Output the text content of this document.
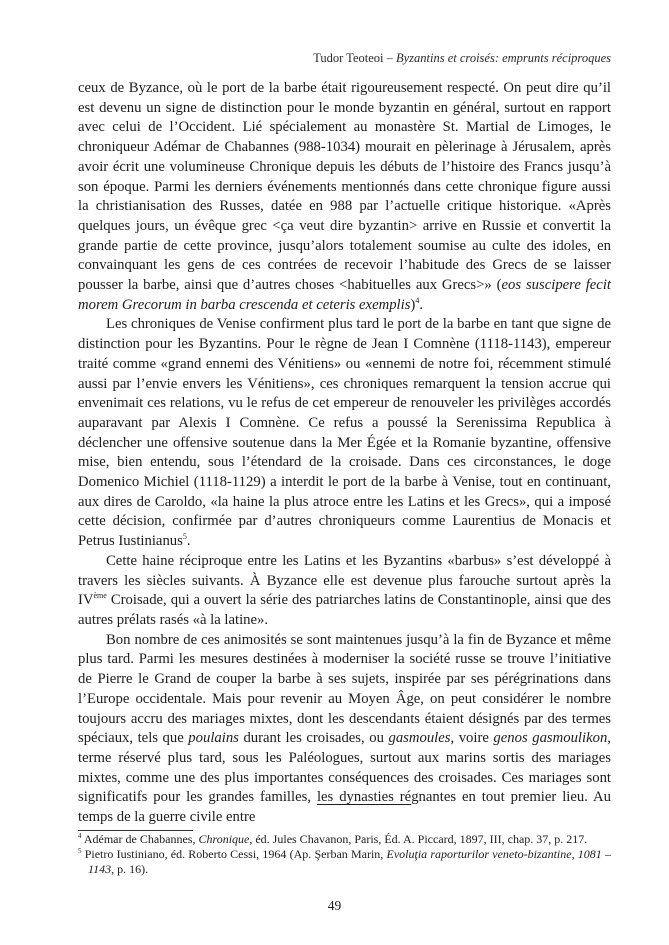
Tudor Teoteoi – Byzantins et croisés: emprunts réciproques

ceux de Byzance, où le port de la barbe était rigoureusement respecté. On peut dire qu’il est devenu un signe de distinction pour le monde byzantin en général, surtout en rapport avec celui de l’Occident. Lié spécialement au monastère St. Martial de Limoges, le chroniqueur Adémar de Chabannes (988-1034) mourait en pèlerinage à Jérusalem, après avoir écrit une volumineuse Chronique depuis les débuts de l’histoire des Francs jusqu’à son époque. Parmi les derniers événements mentionnés dans cette chronique figure aussi la christianisation des Russes, datée en 988 par l’actuelle critique historique. «Après quelques jours, un évêque grec <ça veut dire byzantin> arrive en Russie et convertit la grande partie de cette province, jusqu’alors totalement soumise au culte des idoles, en convainquant les gens de ces contrées de recevoir l’habitude des Grecs de se laisser pousser la barbe, ainsi que d’autres choses <habituelles aux Grecs>» (eos suscipere fecit morem Grecorum in barba crescenda et ceteris exemplis)$^4$.

Les chroniques de Venise confirment plus tard le port de la barbe en tant que signe de distinction pour les Byzantins. Pour le règne de Jean I Comnène (1118-1143), empereur traité comme «grand ennemi des Vénitiens» ou «ennemi de notre foi, récemment stimulé aussi par l’envie envers les Vénitiens», ces chroniques remarquent la tension accrue qui envenimait ces relations, vu le refus de cet empereur de renouveler les privilèges accordés auparavant par Alexis I Comnène. Ce refus a poussé la Serenissima Republica à déclencher une offensive soutenue dans la Mer Égée et la Romanie byzantine, offensive mise, bien entendu, sous l’étendard de la croisade. Dans ces circonstances, le doge Domenico Michiel (1118-1129) a interdit le port de la barbe à Venise, tout en continuant, aux dires de Caroldo, «la haine la plus atroce entre les Latins et les Grecs», qui a imposé cette décision, confirmée par d’autres chroniqueurs comme Laurentius de Monacis et Petrus Iustinianus$^5$.

Cette haine réciproque entre les Latins et les Byzantins «barbus» s’est développé à travers les siècles suivants. À Byzance elle est devenue plus farouche surtout après la IVème Croisade, qui a ouvert la série des patriarches latins de Constantinople, ainsi que des autres prélats rasés «à la latine».

Bon nombre de ces animosités se sont maintenues jusqu’à la fin de Byzance et même plus tard. Parmi les mesures destinées à moderniser la société russe se trouve l’initiative de Pierre le Grand de couper la barbe à ses sujets, inspirée par ses pérégrinations dans l’Europe occidentale. Mais pour revenir au Moyen Âge, on peut considérer le nombre toujours accru des mariages mixtes, dont les descendants étaient désignés par des termes spéciaux, tels que poulains durant les croisades, ou gasmoules, voire genos gasmoulikon, terme réservé plus tard, sous les Paléologues, surtout aux marins sortis des mariages mixtes, comme une des plus importantes conséquences des croisades. Ces mariages sont significatifs pour les grandes familles, les dynasties régnantes en tout premier lieu. Au temps de la guerre civile entre

$^4$ Adémar de Chabannes, Chronique, éd. Jules Chavanon, Paris, Éd. A. Piccard, 1897, III, chap. 37, p. 217.

$^5$ Pietro Iustiniano, éd. Roberto Cessi, 1964 (Ap. Şerban Marin, Evoluţia raporturilor veneto-bizantine, 1081 – 1143, p. 16).

49
